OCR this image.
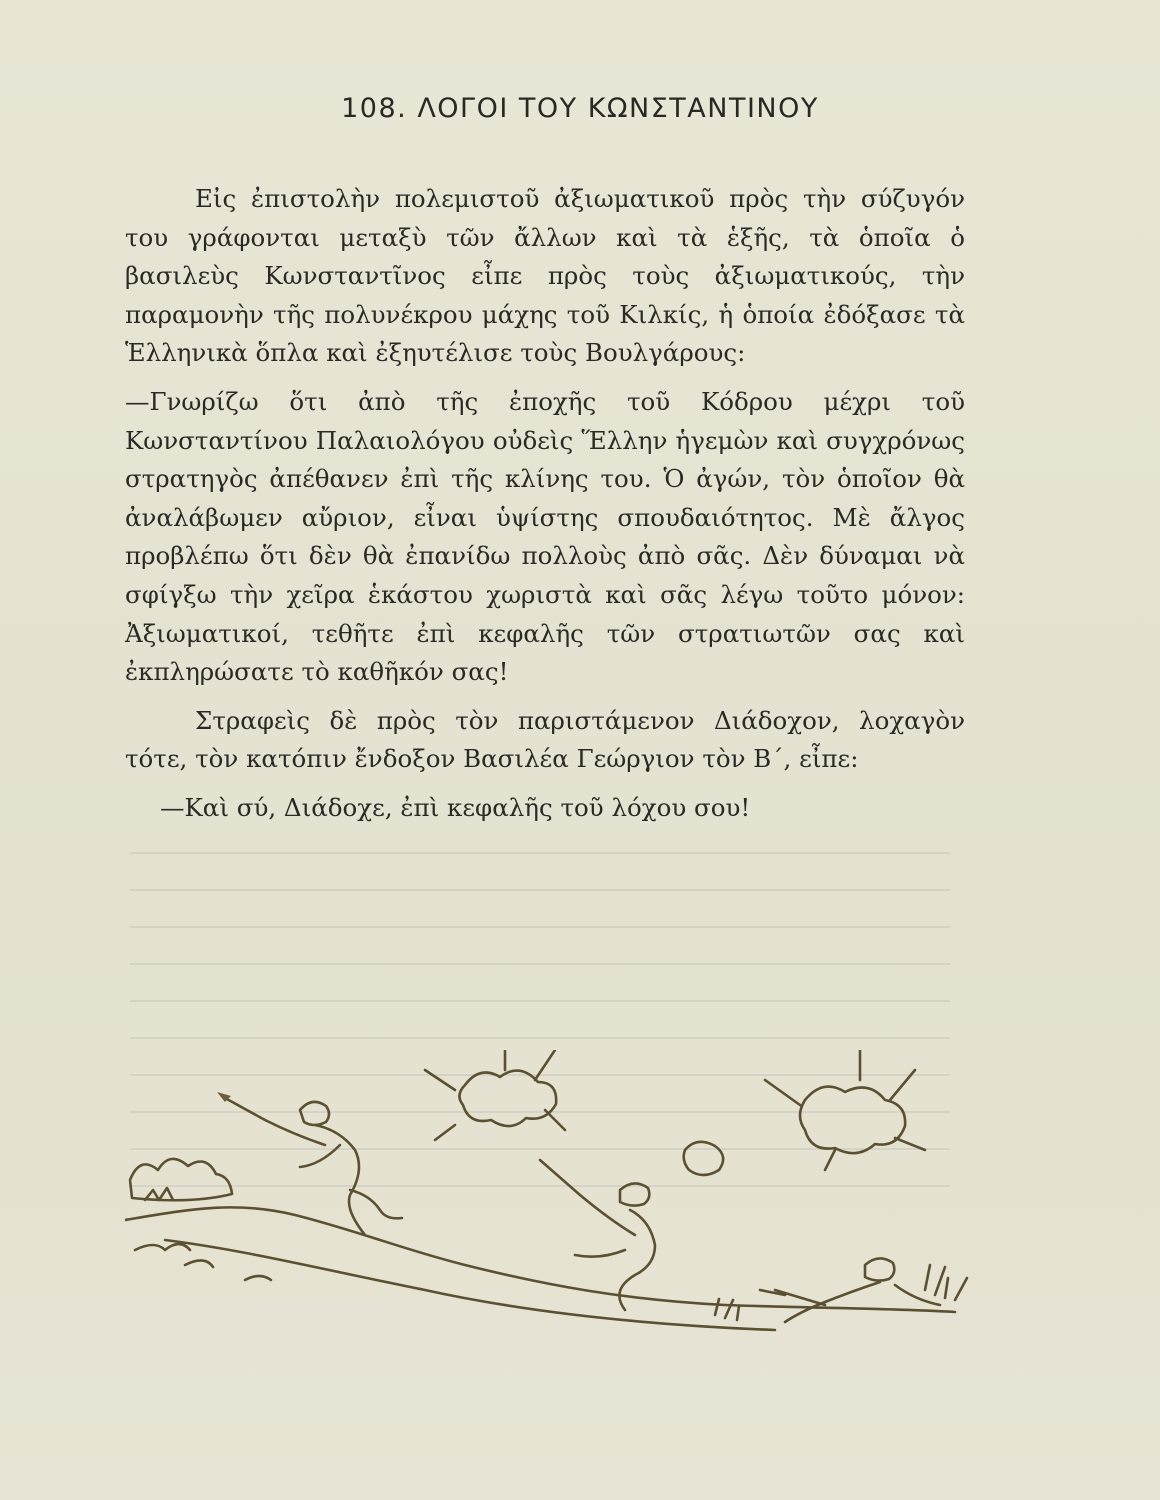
108. ΛΟΓΟΙ ΤΟΥ ΚΩΝΣΤΑΝΤΙΝΟΥ

Εἰς ἐπιστολὴν πολεμιστοῦ ἀξιωματικοῦ πρὸς τὴν σύζυγόν του γράφονται μεταξὺ τῶν ἄλλων καὶ τὰ ἑξῆς, τὰ ὁποῖα ὁ βασιλεὺς Κωνσταντῖνος εἶπε πρὸς τοὺς ἀξιωματικούς, τὴν παραμονὴν τῆς πολυνέκρου μάχης τοῦ Κιλκίς, ἡ ὁποία ἐδόξασε τὰ Ἑλληνικὰ ὅπλα καὶ ἐξηυτέλισε τοὺς Βουλγάρους:

—Γνωρίζω ὅτι ἀπὸ τῆς ἐποχῆς τοῦ Κόδρου μέχρι τοῦ Κωνσταντίνου Παλαιολόγου οὐδεὶς Ἕλλην ἡγεμὼν καὶ συγχρόνως στρατηγὸς ἀπέθανεν ἐπὶ τῆς κλίνης του. Ὁ ἀγών, τὸν ὁποῖον θὰ ἀναλάβωμεν αὔριον, εἶναι ὑψίστης σπουδαιότητος. Μὲ ἄλγος προβλέπω ὅτι δὲν θὰ ἐπανίδω πολλοὺς ἀπὸ σᾶς. Δὲν δύναμαι νὰ σφίγξω τὴν χεῖρα ἑκάστου χωριστὰ καὶ σᾶς λέγω τοῦτο μόνον: Ἀξιωματικοί, τεθῆτε ἐπὶ κεφαλῆς τῶν στρατιωτῶν σας καὶ ἐκπληρώσατε τὸ καθῆκόν σας!

Στραφεὶς δὲ πρὸς τὸν παριστάμενον Διάδοχον, λοχαγὸν τότε, τὸν κατόπιν ἔνδοξον Βασιλέα Γεώργιον τὸν Β΄, εἶπε:

—Καὶ σύ, Διάδοχε, ἐπὶ κεφαλῆς τοῦ λόχου σου!
